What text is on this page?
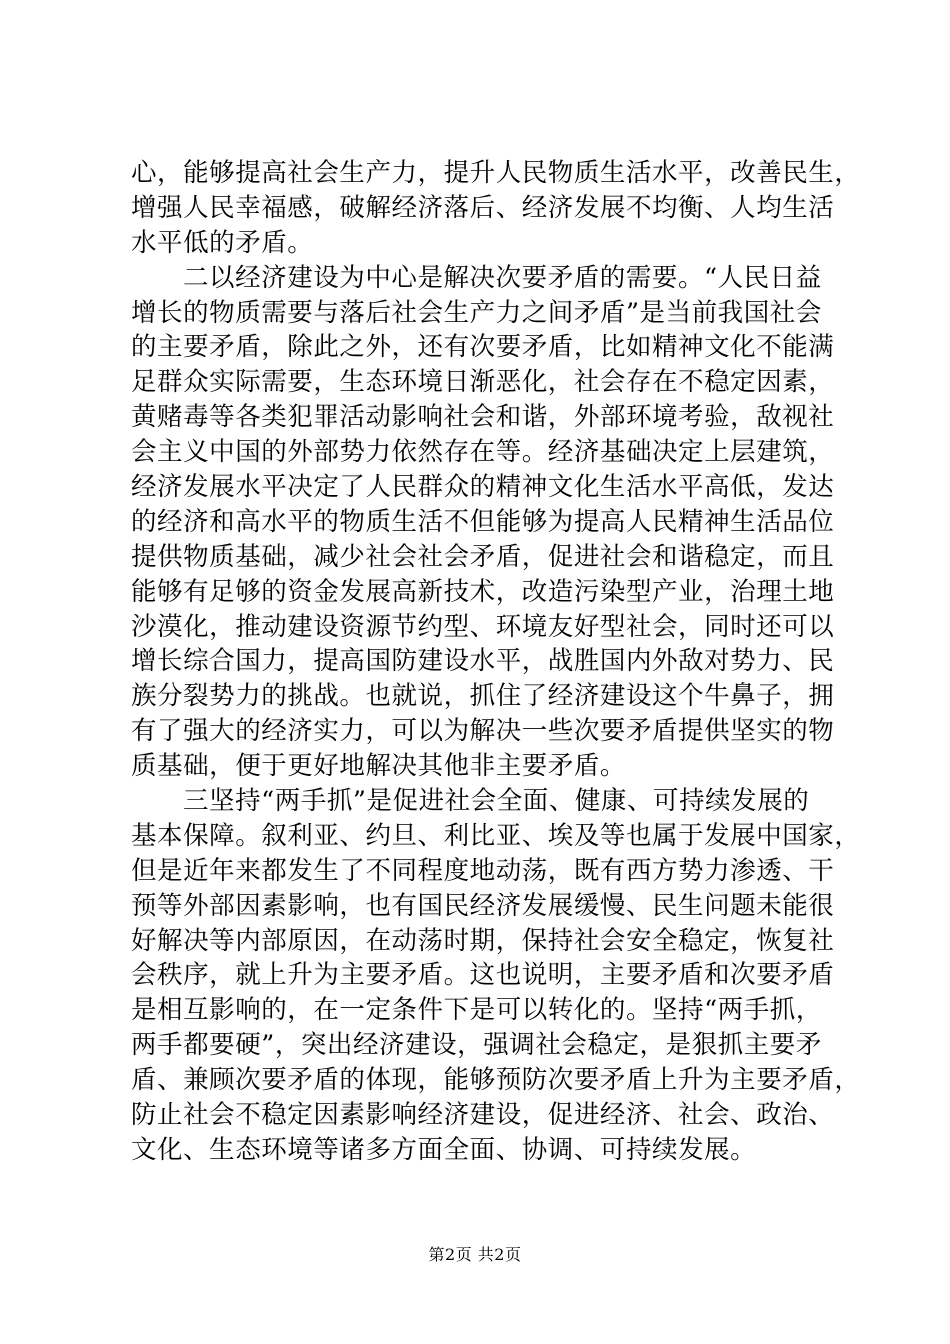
心，能够提高社会生产力，提升人民物质生活水平，改善民生，
增强人民幸福感，破解经济落后、经济发展不均衡、人均生活
水平低的矛盾。
二以经济建设为中心是解决次要矛盾的需要。“人民日益
增长的物质需要与落后社会生产力之间矛盾”是当前我国社会
的主要矛盾，除此之外，还有次要矛盾，比如精神文化不能满
足群众实际需要，生态环境日渐恶化，社会存在不稳定因素，
黄赌毒等各类犯罪活动影响社会和谐，外部环境考验，敌视社
会主义中国的外部势力依然存在等。经济基础决定上层建筑，
经济发展水平决定了人民群众的精神文化生活水平高低，发达
的经济和高水平的物质生活不但能够为提高人民精神生活品位
提供物质基础，减少社会社会矛盾，促进社会和谐稳定，而且
能够有足够的资金发展高新技术，改造污染型产业，治理土地
沙漠化，推动建设资源节约型、环境友好型社会，同时还可以
增长综合国力，提高国防建设水平，战胜国内外敌对势力、民
族分裂势力的挑战。也就说，抓住了经济建设这个牛鼻子，拥
有了强大的经济实力，可以为解决一些次要矛盾提供坚实的物
质基础，便于更好地解决其他非主要矛盾。
三坚持“两手抓”是促进社会全面、健康、可持续发展的
基本保障。叙利亚、约旦、利比亚、埃及等也属于发展中国家，
但是近年来都发生了不同程度地动荡，既有西方势力渗透、干
预等外部因素影响，也有国民经济发展缓慢、民生问题未能很
好解决等内部原因，在动荡时期，保持社会安全稳定，恢复社
会秩序，就上升为主要矛盾。这也说明，主要矛盾和次要矛盾
是相互影响的，在一定条件下是可以转化的。坚持“两手抓，
两手都要硬”，突出经济建设，强调社会稳定，是狠抓主要矛
盾、兼顾次要矛盾的体现，能够预防次要矛盾上升为主要矛盾，
防止社会不稳定因素影响经济建设，促进经济、社会、政治、
文化、生态环境等诸多方面全面、协调、可持续发展。
第2页 共2页
